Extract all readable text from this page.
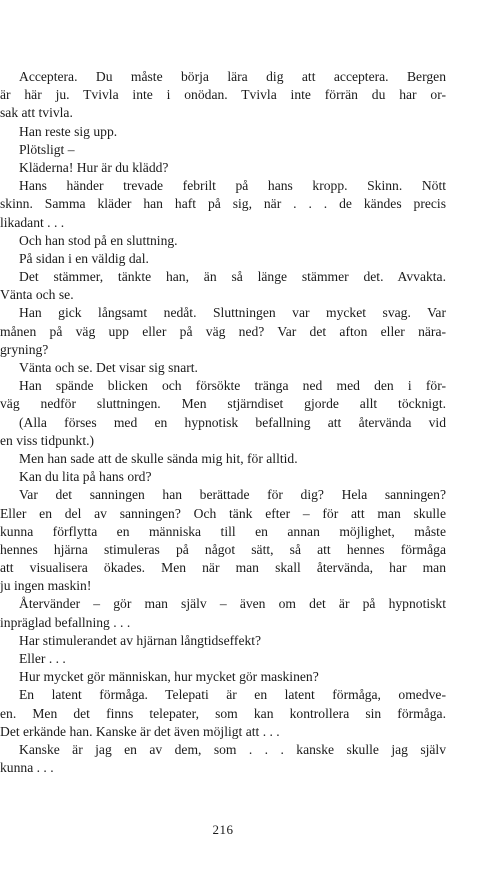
Acceptera. Du måste börja lära dig att acceptera. Bergen
är här ju. Tvivla inte i onödan. Tvivla inte förrän du har or-
sak att tvivla.
Han reste sig upp.
Plötsligt –
Kläderna! Hur är du klädd?
Hans händer trevade febrilt på hans kropp. Skinn. Nött
skinn. Samma kläder han haft på sig, när . . . de kändes precis
likadant . . .
Och han stod på en sluttning.
På sidan i en väldig dal.
Det stämmer, tänkte han, än så länge stämmer det. Avvakta.
Vänta och se.
Han gick långsamt nedåt. Sluttningen var mycket svag. Var
månen på väg upp eller på väg ned? Var det afton eller nära-
gryning?
Vänta och se. Det visar sig snart.
Han spände blicken och försökte tränga ned med den i för-
väg nedför sluttningen. Men stjärndiset gjorde allt töcknigt.
(Alla förses med en hypnotisk befallning att återvända vid
en viss tidpunkt.)
Men han sade att de skulle sända mig hit, för alltid.
Kan du lita på hans ord?
Var det sanningen han berättade för dig? Hela sanningen?
Eller en del av sanningen? Och tänk efter – för att man skulle
kunna förflytta en människa till en annan möjlighet, måste
hennes hjärna stimuleras på något sätt, så att hennes förmåga
att visualisera ökades. Men när man skall återvända, har man
ju ingen maskin!
Återvänder – gör man själv – även om det är på hypnotiskt
inpräglad befallning . . .
Har stimulerandet av hjärnan långtidseffekt?
Eller . . .
Hur mycket gör människan, hur mycket gör maskinen?
En latent förmåga. Telepati är en latent förmåga, omedve-
en. Men det finns telepater, som kan kontrollera sin förmåga.
Det erkände han. Kanske är det även möjligt att . . .
Kanske är jag en av dem, som . . . kanske skulle jag själv
kunna . . .
216
